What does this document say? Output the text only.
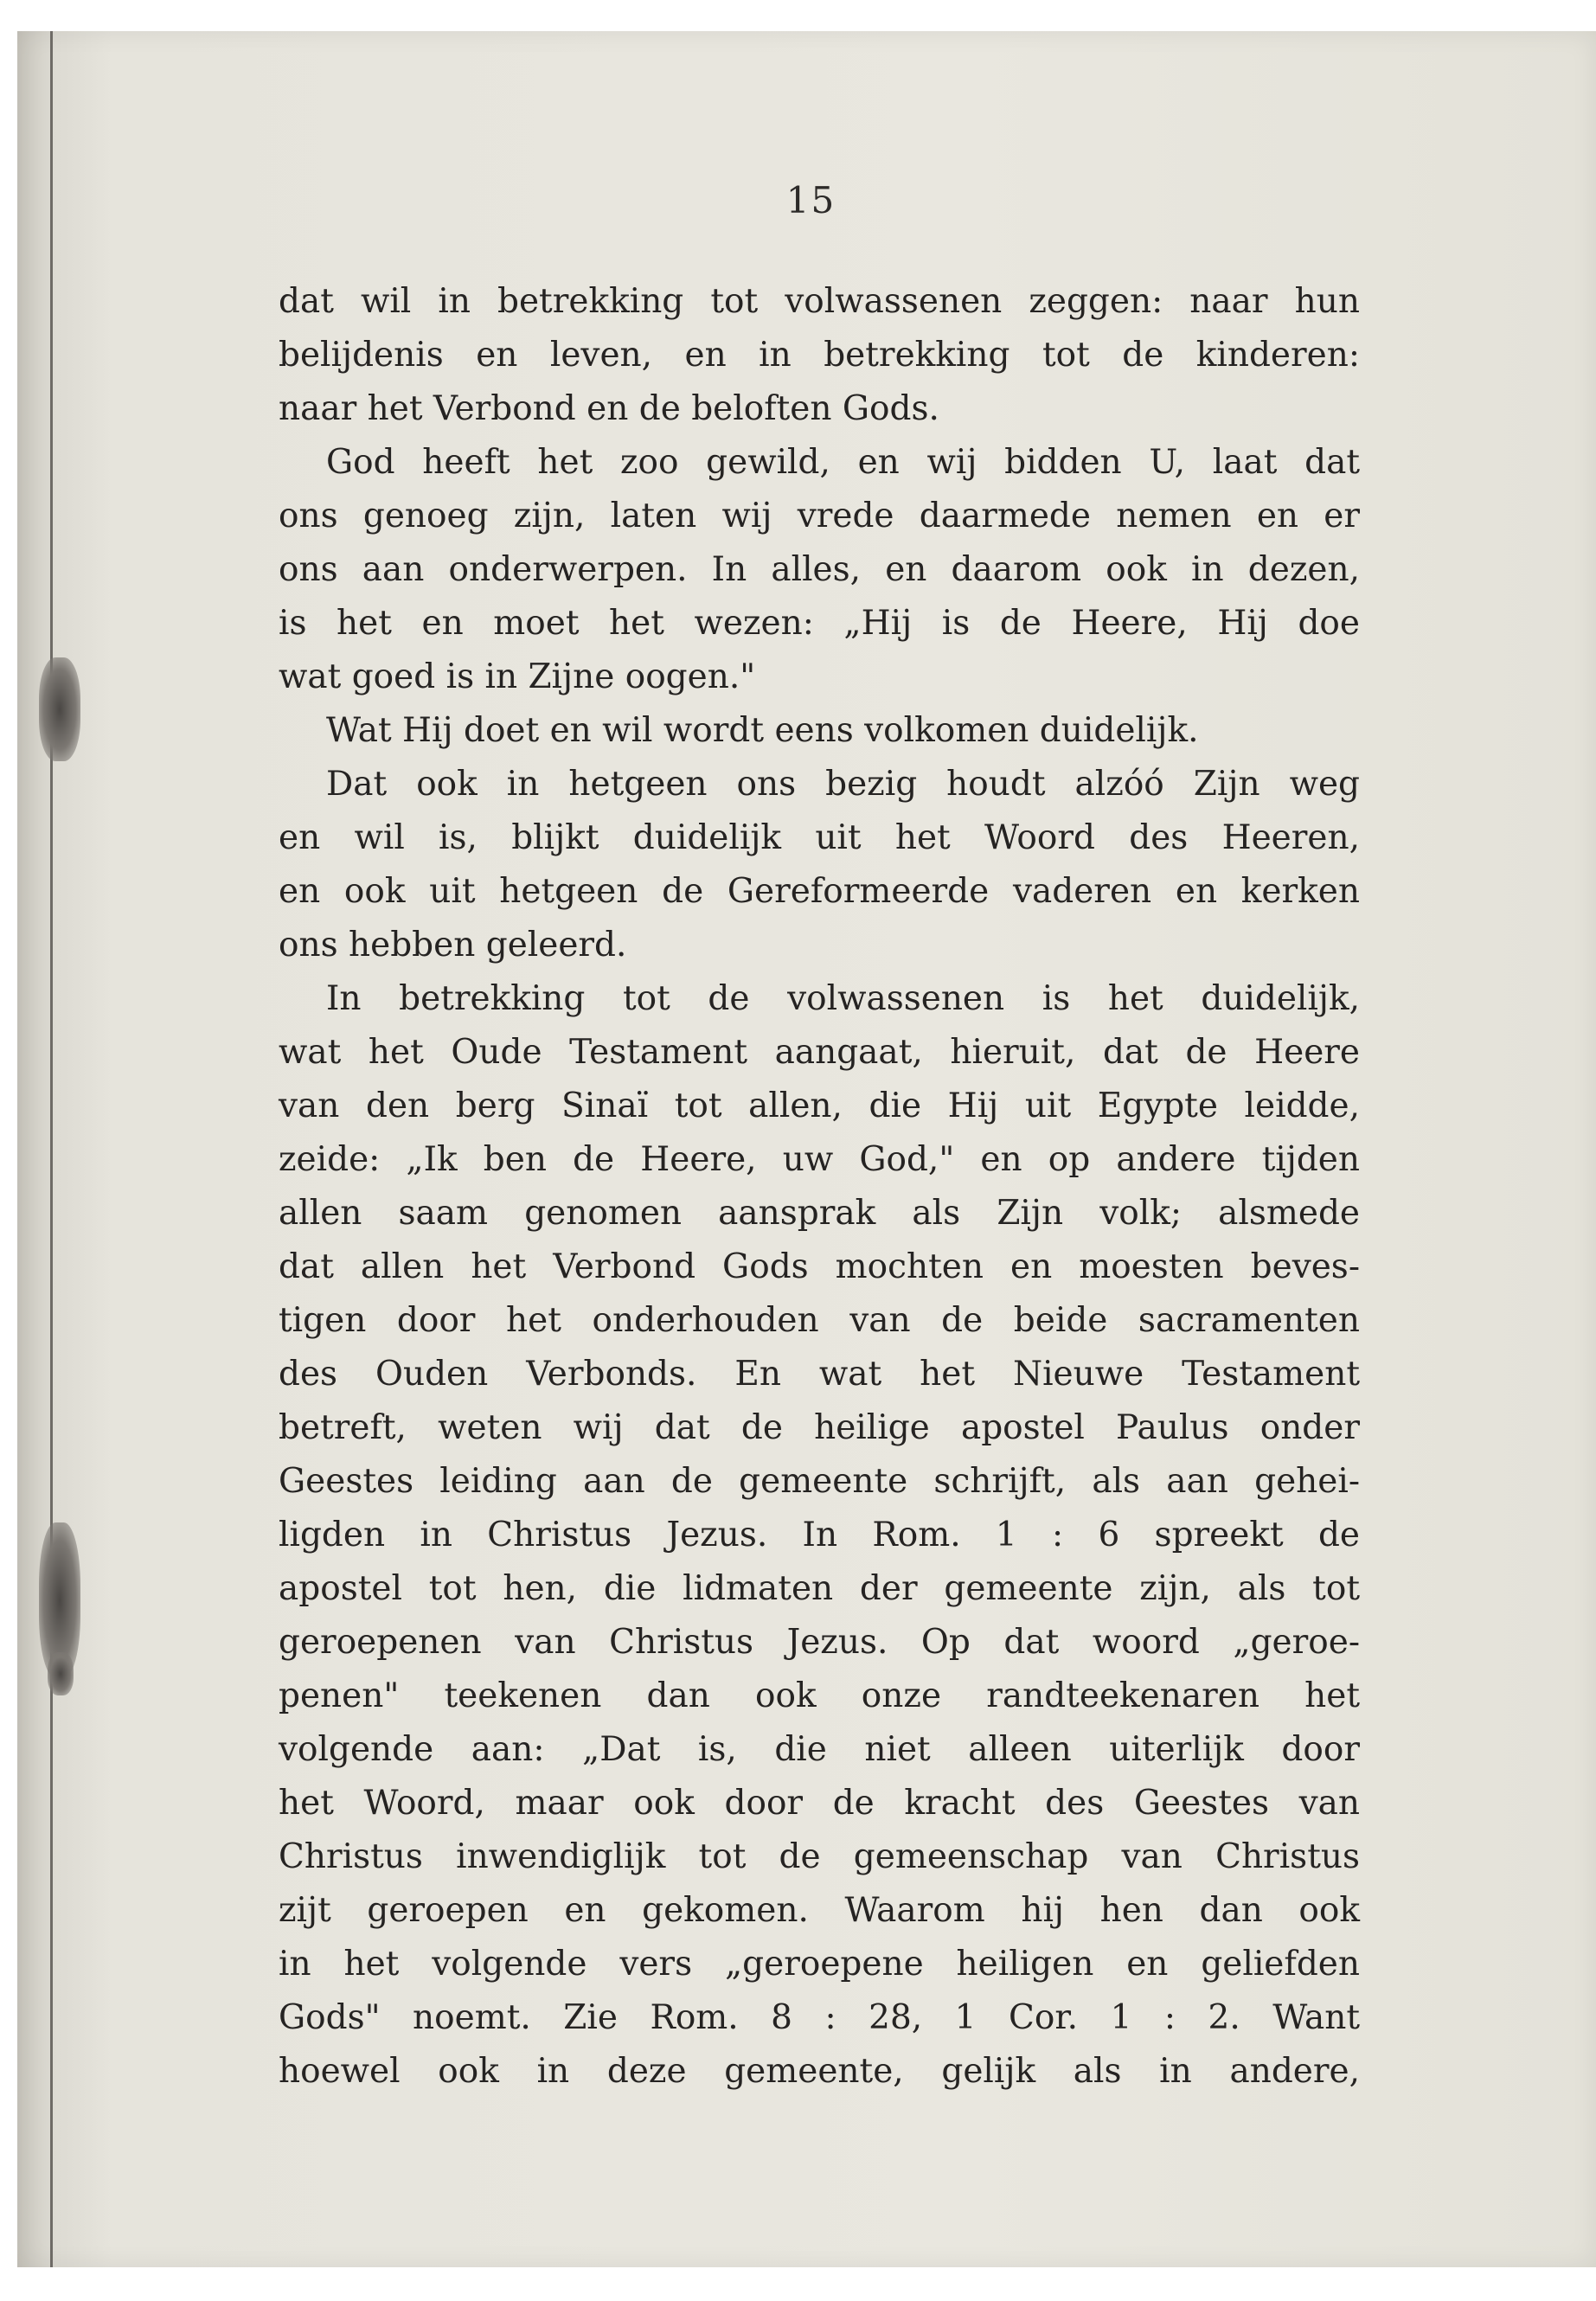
15
dat wil in betrekking tot volwassenen zeggen: naar hun
belijdenis en leven, en in betrekking tot de kinderen:
naar het Verbond en de beloften Gods.
God heeft het zoo gewild, en wij bidden U, laat dat
ons genoeg zijn, laten wij vrede daarmede nemen en er
ons aan onderwerpen. In alles, en daarom ook in dezen,
is het en moet het wezen: „Hij is de Heere, Hij doe
wat goed is in Zijne oogen."
Wat Hij doet en wil wordt eens volkomen duidelijk.
Dat ook in hetgeen ons bezig houdt alzóó Zijn weg
en wil is, blijkt duidelijk uit het Woord des Heeren,
en ook uit hetgeen de Gereformeerde vaderen en kerken
ons hebben geleerd.
In betrekking tot de volwassenen is het duidelijk,
wat het Oude Testament aangaat, hieruit, dat de Heere
van den berg Sinaï tot allen, die Hij uit Egypte leidde,
zeide: „Ik ben de Heere, uw God," en op andere tijden
allen saam genomen aansprak als Zijn volk; alsmede
dat allen het Verbond Gods mochten en moesten beves-
tigen door het onderhouden van de beide sacramenten
des Ouden Verbonds. En wat het Nieuwe Testament
betreft, weten wij dat de heilige apostel Paulus onder
Geestes leiding aan de gemeente schrijft, als aan gehei-
ligden in Christus Jezus. In Rom. 1 : 6 spreekt de
apostel tot hen, die lidmaten der gemeente zijn, als tot
geroepenen van Christus Jezus. Op dat woord „geroe-
penen" teekenen dan ook onze randteekenaren het
volgende aan: „Dat is, die niet alleen uiterlijk door
het Woord, maar ook door de kracht des Geestes van
Christus inwendiglijk tot de gemeenschap van Christus
zijt geroepen en gekomen. Waarom hij hen dan ook
in het volgende vers „geroepene heiligen en geliefden
Gods" noemt. Zie Rom. 8 : 28, 1 Cor. 1 : 2. Want
hoewel ook in deze gemeente, gelijk als in andere,
